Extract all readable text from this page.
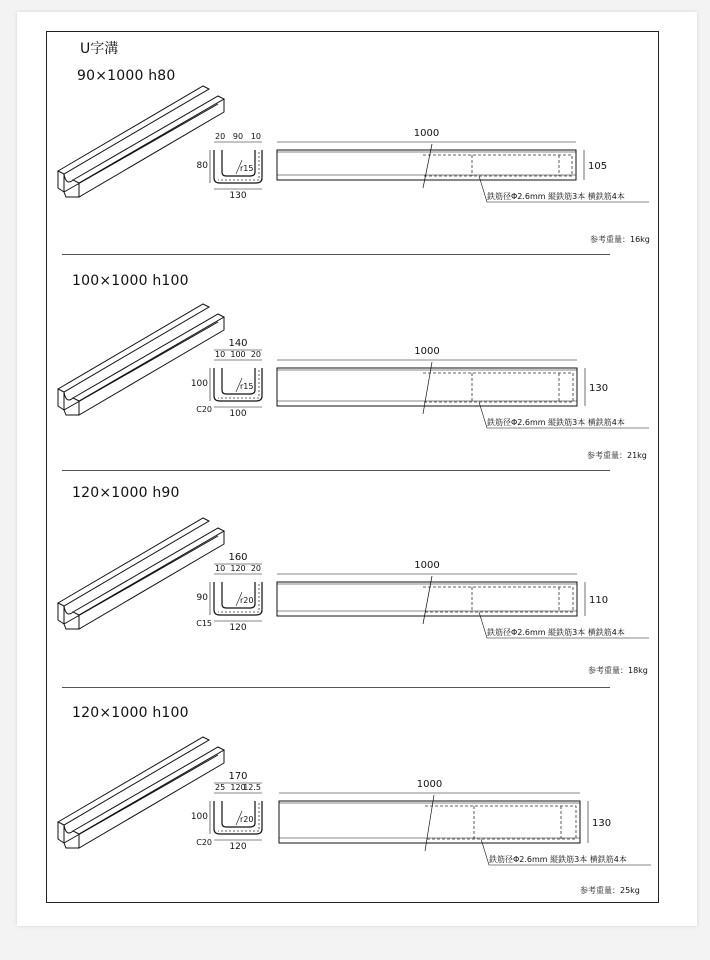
U字溝
20 90 10
80	r15
130
1000
105
鉄筋径Φ2.6mm 縦鉄筋3本 横鉄筋4本
140
10 100 20
100	r15
100
C20
1000
130
鉄筋径Φ2.6mm 縦鉄筋3本 横鉄筋4本
160
10 120 20
90	r20
120
C15
1000
110
鉄筋径Φ2.6mm 縦鉄筋3本 横鉄筋4本
170
25 120
12.5
100	r20
120
C20
1000
130
鉄筋径Φ2.6mm 縦鉄筋3本 横鉄筋4本
90×1000 h80
参考重量：16kg
100×1000 h100
参考重量：21kg
120×1000 h90
参考重量：18kg
120×1000 h100
参考重量：25kg
